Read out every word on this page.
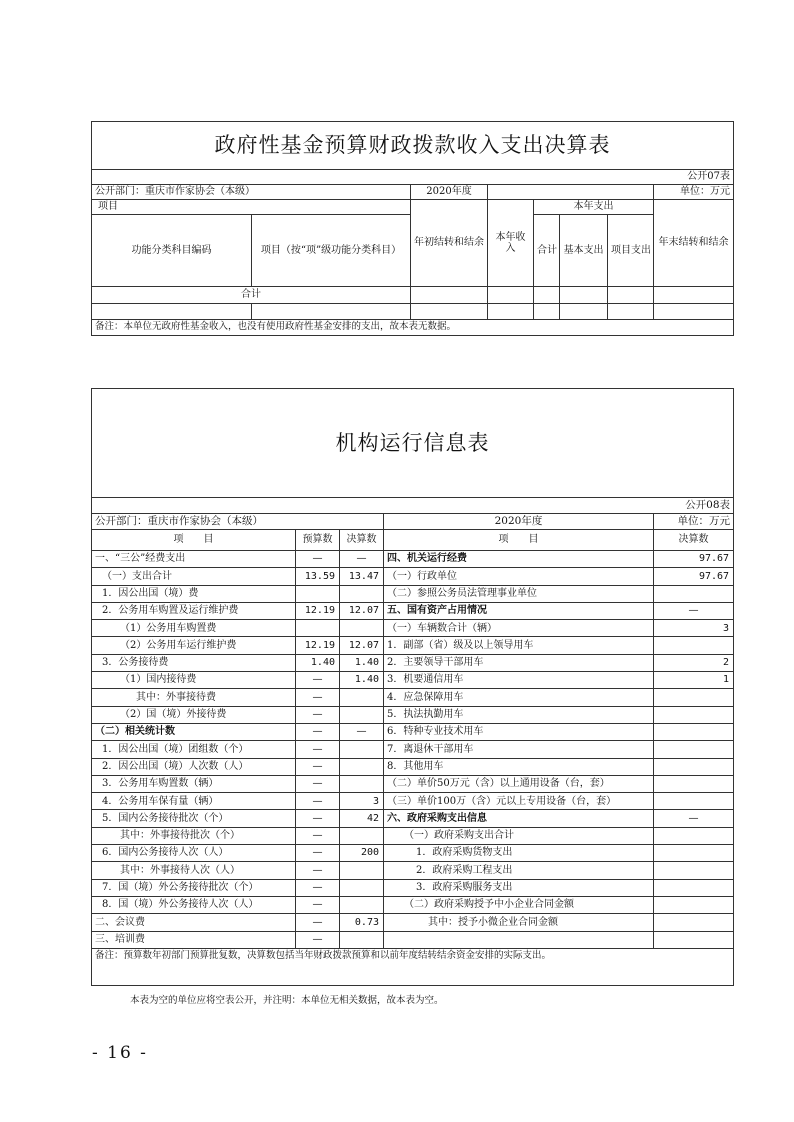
政府性基金预算财政拨款收入支出决算表							
公开07表							
公开部门：重庆市作家协会（本级）		2020年度					单位：万元
项目		年初结转和结余	本年收入	本年支出			年末结转和结余
功能分类科目编码	项目（按“项”级功能分类科目）			合计	基本支出	项目支出	
合计							

备注：本单位无政府性基金收入，也没有使用政府性基金安排的支出，故本表无数据。							
机构运行信息表				
公开08表				
公开部门：重庆市作家协会（本级）			2020年度	单位：万元
项　　目	预算数	决算数	项　　目	决算数
一、“三公”经费支出	—	—	四、机关运行经费	97.67
（一）支出合计	13.59	13.47	（一）行政单位	97.67
1．因公出国（境）费			（二）参照公务员法管理事业单位	
2．公务用车购置及运行维护费	12.19	12.07	五、国有资产占用情况	—
（1）公务用车购置费			（一）车辆数合计（辆）	3
（2）公务用车运行维护费	12.19	12.07	1．副部（省）级及以上领导用车	
3．公务接待费	1.40	1.40	2．主要领导干部用车	2
（1）国内接待费	—	1.40	3．机要通信用车	1
其中：外事接待费	—		4．应急保障用车	
（2）国（境）外接待费	—		5．执法执勤用车	
（二）相关统计数	—	—	6．特种专业技术用车	
1．因公出国（境）团组数（个）	—		7．离退休干部用车	
2．因公出国（境）人次数（人）	—		8．其他用车	
3．公务用车购置数（辆）	—		（二）单价50万元（含）以上通用设备（台，套）	
4．公务用车保有量（辆）	—	3	（三）单价100万（含）元以上专用设备（台，套）	
5．国内公务接待批次（个）	—	42	六、政府采购支出信息	—
其中：外事接待批次（个）	—		（一）政府采购支出合计	
6．国内公务接待人次（人）	—	200	1．政府采购货物支出	
其中：外事接待人次（人）	—		2．政府采购工程支出	
7．国（境）外公务接待批次（个）	—		3．政府采购服务支出	
8．国（境）外公务接待人次（人）	—		（二）政府采购授予中小企业合同金额	
二、会议费	—	0.73	其中：授予小微企业合同金额	
三、培训费	—			
备注：预算数年初部门预算批复数，决算数包括当年财政拨款预算和以前年度结转结余资金安排的实际支出。				
本表为空的单位应将空表公开，并注明：本单位无相关数据，故本表为空。
- 16 -
